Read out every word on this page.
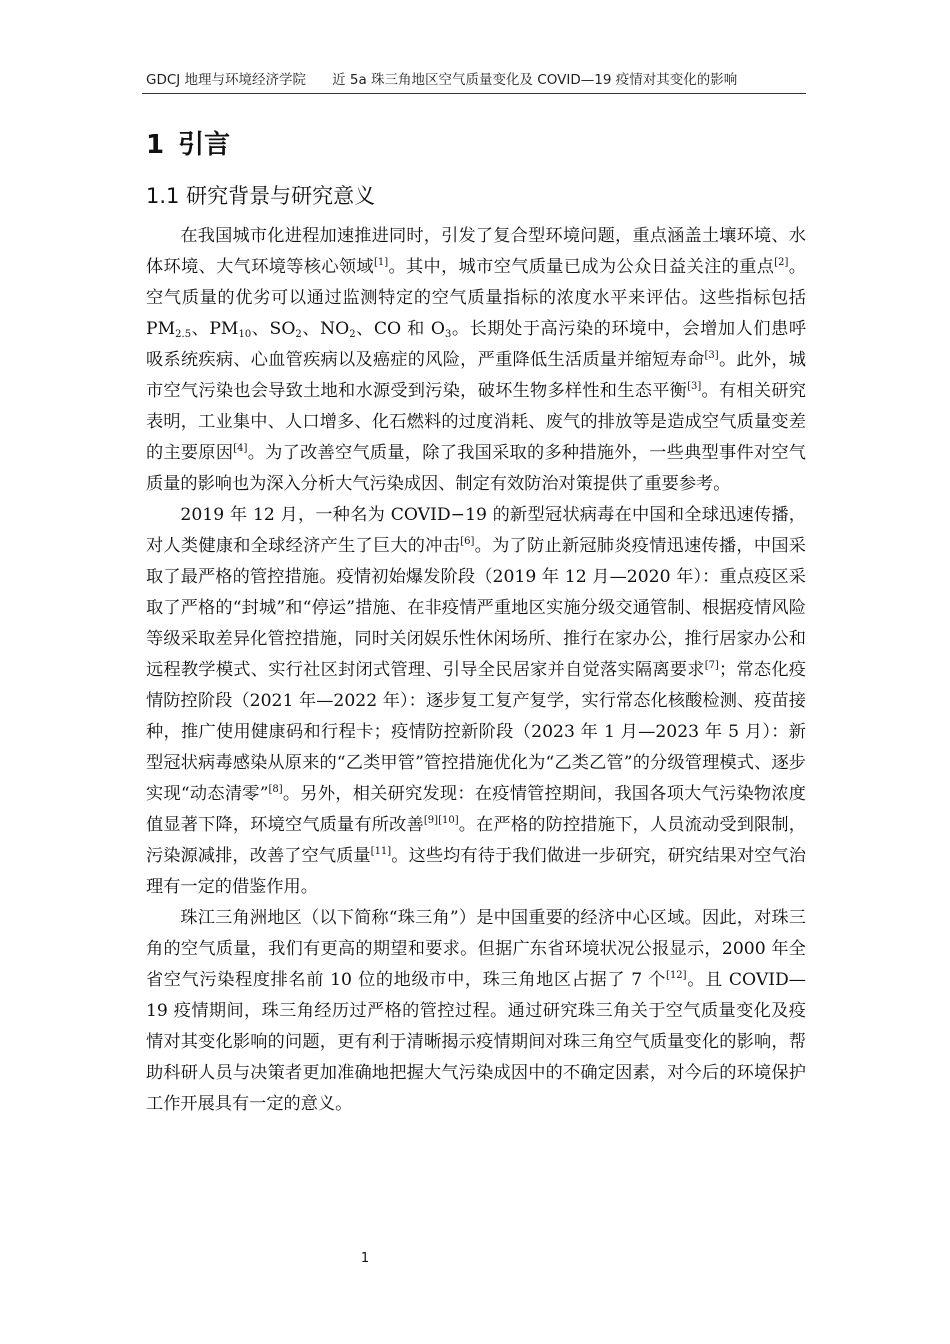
GDCJ 地理与环境经济学院 近 5a 珠三角地区空气质量变化及 COVID—19 疫情对其变化的影响
1 引言
1.1 研究背景与研究意义

在我国城市化进程加速推进同时，引发了复合型环境问题，重点涵盖土壤环境、水体环境、大气环境等核心领域[1]。其中，城市空气质量已成为公众日益关注的重点[2]。空气质量的优劣可以通过监测特定的空气质量指标的浓度水平来评估。这些指标包括 $PM_{2.5}$、$PM_{10}$、$SO_2$、$NO_2$、CO 和 $O_3$。长期处于高污染的环境中，会增加人们患呼吸系统疾病、心血管疾病以及癌症的风险，严重降低生活质量并缩短寿命[3]。此外，城市空气污染也会导致土地和水源受到污染，破坏生物多样性和生态平衡[3]。有相关研究表明，工业集中、人口增多、化石燃料的过度消耗、废气的排放等是造成空气质量变差的主要原因[4]。为了改善空气质量，除了我国采取的多种措施外，一些典型事件对空气质量的影响也为深入分析大气污染成因、制定有效防治对策提供了重要参考。

2019 年 12 月，一种名为 COVID−19 的新型冠状病毒在中国和全球迅速传播，对人类健康和全球经济产生了巨大的冲击[6]。为了防止新冠肺炎疫情迅速传播，中国采取了最严格的管控措施。疫情初始爆发阶段（2019 年 12 月—2020 年）：重点疫区采取了严格的“封城”和“停运”措施、在非疫情严重地区实施分级交通管制、根据疫情风险等级采取差异化管控措施，同时关闭娱乐性休闲场所、推行在家办公，推行居家办公和远程教学模式、实行社区封闭式管理、引导全民居家并自觉落实隔离要求[7]；常态化疫情防控阶段（2021 年—2022 年）：逐步复工复产复学，实行常态化核酸检测、疫苗接种，推广使用健康码和行程卡；疫情防控新阶段（2023 年 1 月—2023 年 5 月）：新型冠状病毒感染从原来的“乙类甲管”管控措施优化为“乙类乙管”的分级管理模式、逐步实现“动态清零”[8]。另外，相关研究发现：在疫情管控期间，我国各项大气污染物浓度值显著下降，环境空气质量有所改善[9][10]。在严格的防控措施下，人员流动受到限制，污染源减排，改善了空气质量[11]。这些均有待于我们做进一步研究，研究结果对空气治理有一定的借鉴作用。

珠江三角洲地区（以下简称“珠三角”）是中国重要的经济中心区域。因此，对珠三角的空气质量，我们有更高的期望和要求。但据广东省环境状况公报显示，2000 年全省空气污染程度排名前 10 位的地级市中，珠三角地区占据了 7 个[12]。且 COVID—19 疫情期间，珠三角经历过严格的管控过程。通过研究珠三角关于空气质量变化及疫情对其变化影响的问题，更有利于清晰揭示疫情期间对珠三角空气质量变化的影响，帮助科研人员与决策者更加准确地把握大气污染成因中的不确定因素，对今后的环境保护工作开展具有一定的意义。

1
